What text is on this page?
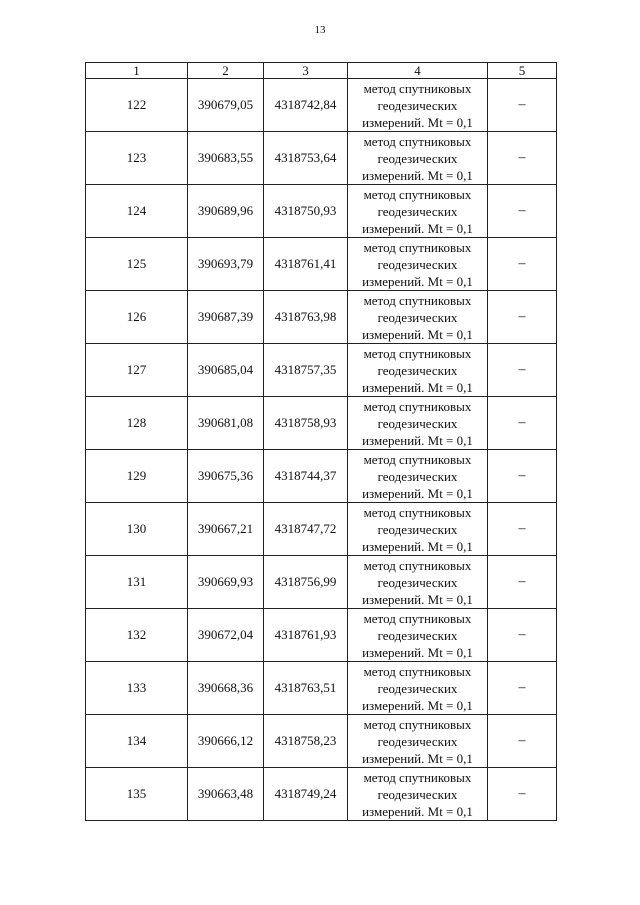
13
1	2	3	4	5
122	390679,05	4318742,84	метод спутниковых
геодезических
измерений. Mt = 0,1	–
123	390683,55	4318753,64	метод спутниковых
геодезических
измерений. Mt = 0,1	–
124	390689,96	4318750,93	метод спутниковых
геодезических
измерений. Mt = 0,1	–
125	390693,79	4318761,41	метод спутниковых
геодезических
измерений. Mt = 0,1	–
126	390687,39	4318763,98	метод спутниковых
геодезических
измерений. Mt = 0,1	–
127	390685,04	4318757,35	метод спутниковых
геодезических
измерений. Mt = 0,1	–
128	390681,08	4318758,93	метод спутниковых
геодезических
измерений. Mt = 0,1	–
129	390675,36	4318744,37	метод спутниковых
геодезических
измерений. Mt = 0,1	–
130	390667,21	4318747,72	метод спутниковых
геодезических
измерений. Mt = 0,1	–
131	390669,93	4318756,99	метод спутниковых
геодезических
измерений. Mt = 0,1	–
132	390672,04	4318761,93	метод спутниковых
геодезических
измерений. Mt = 0,1	–
133	390668,36	4318763,51	метод спутниковых
геодезических
измерений. Mt = 0,1	–
134	390666,12	4318758,23	метод спутниковых
геодезических
измерений. Mt = 0,1	–
135	390663,48	4318749,24	метод спутниковых
геодезических
измерений. Mt = 0,1	–
